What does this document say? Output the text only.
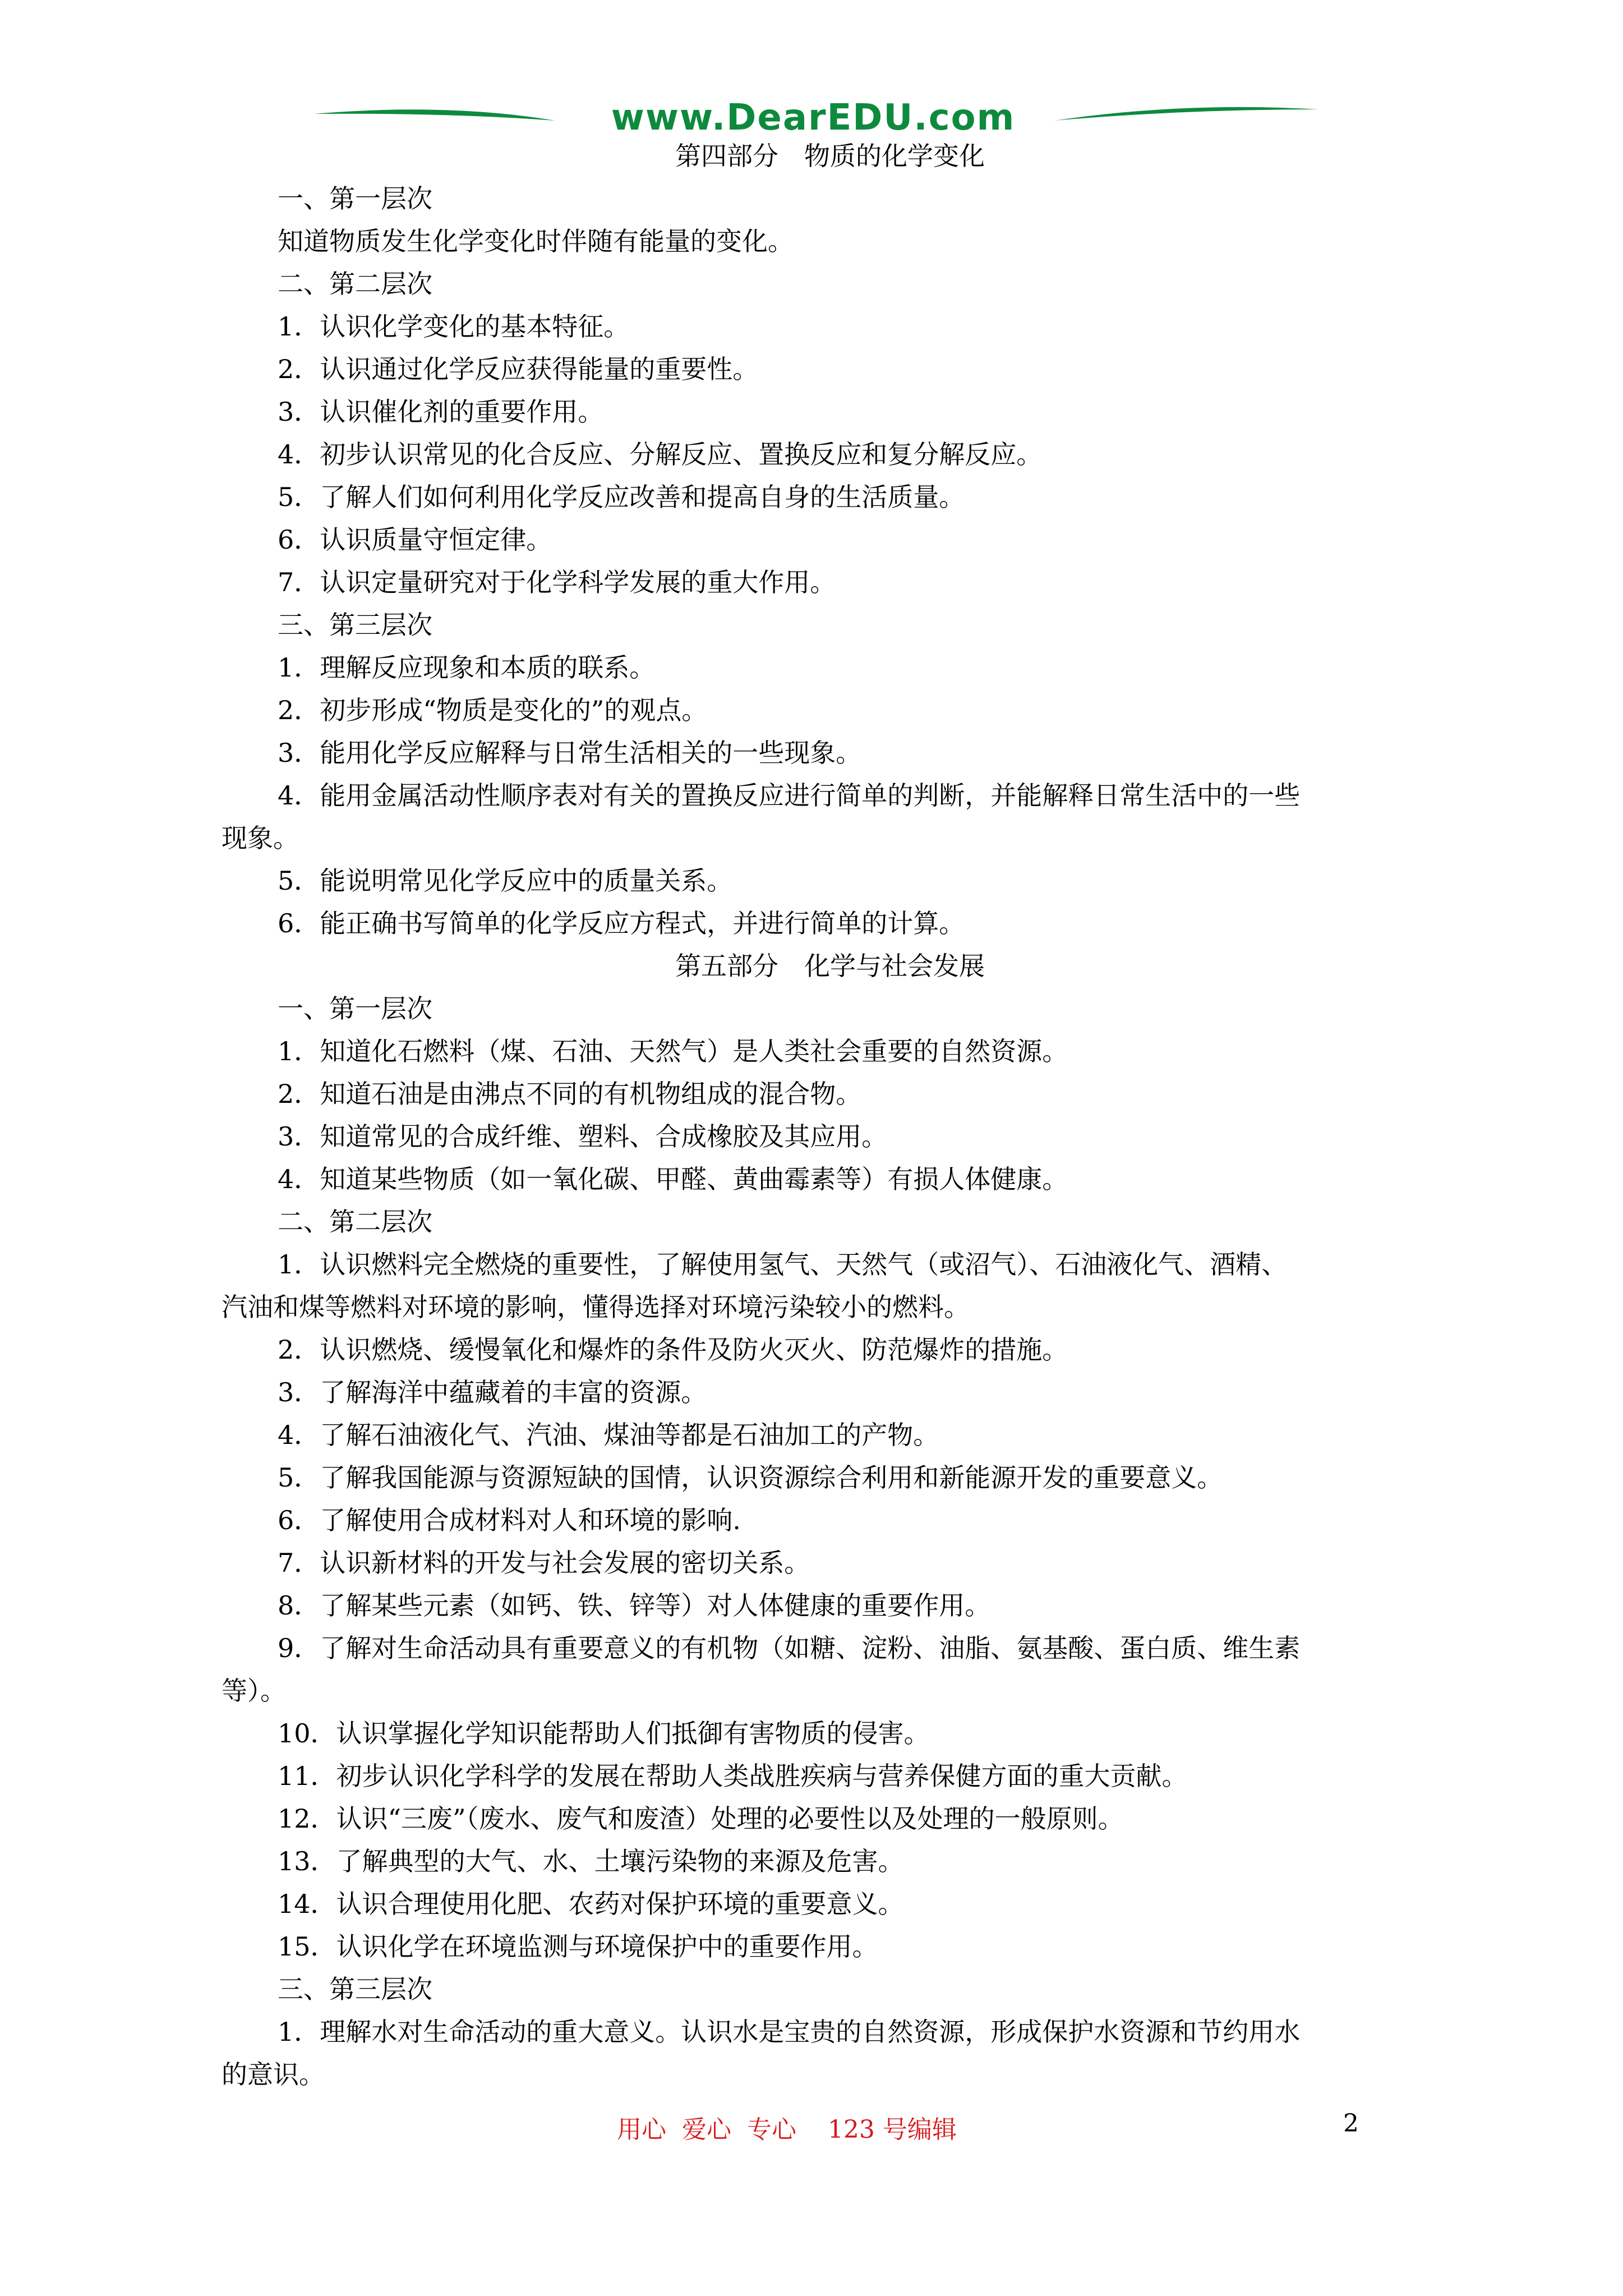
www.DearEDU.com
第四部分　物质的化学变化
一、第一层次
知道物质发生化学变化时伴随有能量的变化。
二、第二层次
1．认识化学变化的基本特征。
2．认识通过化学反应获得能量的重要性。
3．认识催化剂的重要作用。
4．初步认识常见的化合反应、分解反应、置换反应和复分解反应。
5．了解人们如何利用化学反应改善和提高自身的生活质量。
6．认识质量守恒定律。
7．认识定量研究对于化学科学发展的重大作用。
三、第三层次
1．理解反应现象和本质的联系。
2．初步形成“物质是变化的”的观点。
3．能用化学反应解释与日常生活相关的一些现象。
4．能用金属活动性顺序表对有关的置换反应进行简单的判断，并能解释日常生活中的一些
现象。
5．能说明常见化学反应中的质量关系。
6．能正确书写简单的化学反应方程式，并进行简单的计算。
第五部分　化学与社会发展
一、第一层次
1．知道化石燃料（煤、石油、天然气）是人类社会重要的自然资源。
2．知道石油是由沸点不同的有机物组成的混合物。
3．知道常见的合成纤维、塑料、合成橡胶及其应用。
4．知道某些物质（如一氧化碳、甲醛、黄曲霉素等）有损人体健康。
二、第二层次
1．认识燃料完全燃烧的重要性，了解使用氢气、天然气（或沼气）、石油液化气、酒精、
汽油和煤等燃料对环境的影响，懂得选择对环境污染较小的燃料。
2．认识燃烧、缓慢氧化和爆炸的条件及防火灭火、防范爆炸的措施。
3．了解海洋中蕴藏着的丰富的资源。
4．了解石油液化气、汽油、煤油等都是石油加工的产物。
5．了解我国能源与资源短缺的国情，认识资源综合利用和新能源开发的重要意义。
6．了解使用合成材料对人和环境的影响.
7．认识新材料的开发与社会发展的密切关系。
8．了解某些元素（如钙、铁、锌等）对人体健康的重要作用。
9．了解对生命活动具有重要意义的有机物（如糖、淀粉、油脂、氨基酸、蛋白质、维生素
等）。
10．认识掌握化学知识能帮助人们抵御有害物质的侵害。
11．初步认识化学科学的发展在帮助人类战胜疾病与营养保健方面的重大贡献。
12．认识“三废”（废水、废气和废渣）处理的必要性以及处理的一般原则。
13．了解典型的大气、水、土壤污染物的来源及危害。
14．认识合理使用化肥、农药对保护环境的重要意义。
15．认识化学在环境监测与环境保护中的重要作用。
三、第三层次
1．理解水对生命活动的重大意义。认识水是宝贵的自然资源，形成保护水资源和节约用水
的意识。
用心  爱心  专心    123 号编辑	2
